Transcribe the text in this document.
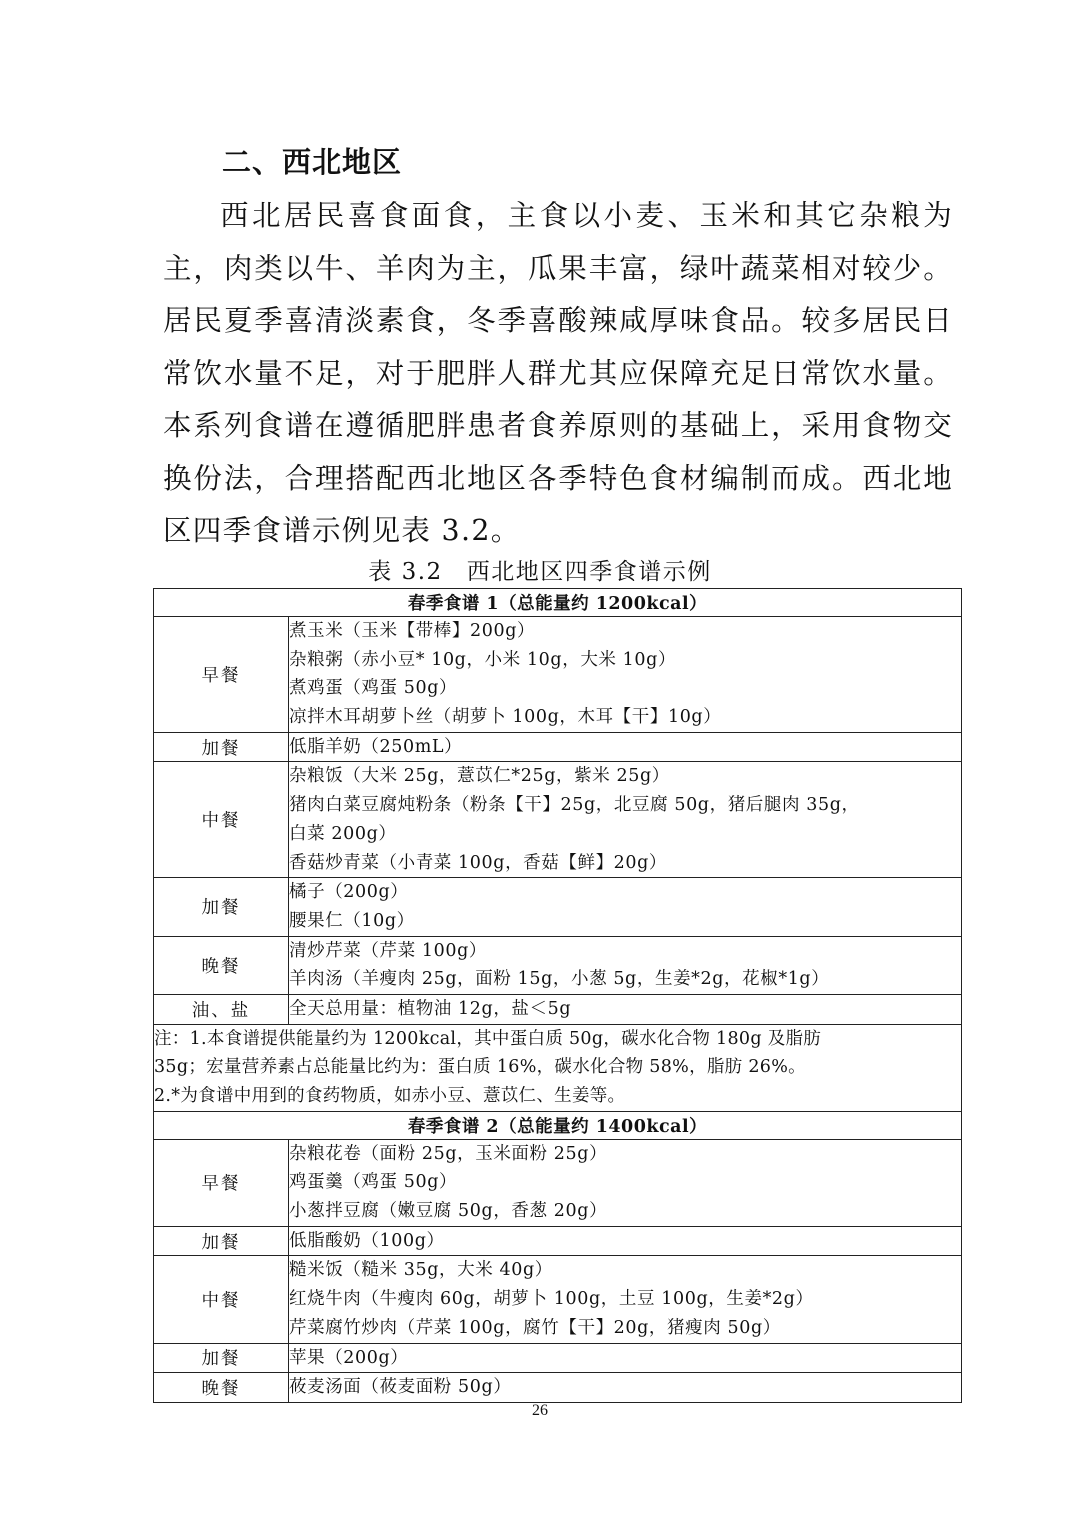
二、西北地区

西北居民喜食面食，主食以小麦、玉米和其它杂粮为主，肉类以牛、羊肉为主，瓜果丰富，绿叶蔬菜相对较少。居民夏季喜清淡素食，冬季喜酸辣咸厚味食品。较多居民日常饮水量不足，对于肥胖人群尤其应保障充足日常饮水量。本系列食谱在遵循肥胖患者食养原则的基础上，采用食物交换份法，合理搭配西北地区各季特色食材编制而成。西北地区四季食谱示例见表 3.2。

表 3.2 西北地区四季食谱示例

春季食谱 1（总能量约 1200kcal）	
早餐	煮玉米（玉米【带棒】200g）
杂粮粥（赤小豆* 10g，小米 10g，大米 10g）
煮鸡蛋（鸡蛋 50g）
凉拌木耳胡萝卜丝（胡萝卜 100g，木耳【干】10g）

加餐	低脂羊奶（250mL）

中餐	杂粮饭（大米 25g，薏苡仁*25g，紫米 25g）
猪肉白菜豆腐炖粉条（粉条【干】25g，北豆腐 50g，猪后腿肉 35g，
白菜 200g）
香菇炒青菜（小青菜 100g，香菇【鲜】20g）

加餐	橘子（200g）
腰果仁（10g）

晚餐	清炒芹菜（芹菜 100g）
羊肉汤（羊瘦肉 25g，面粉 15g，小葱 5g，生姜*2g，花椒*1g）

油、盐	全天总用量：植物油 12g，盐＜5g

注：1.本食谱提供能量约为 1200kcal，其中蛋白质 50g，碳水化合物 180g 及脂肪
35g；宏量营养素占总能量比约为：蛋白质 16%，碳水化合物 58%，脂肪 26%。
2.*为食谱中用到的食药物质，如赤小豆、薏苡仁、生姜等。	

春季食谱 2（总能量约 1400kcal）	
早餐	杂粮花卷（面粉 25g，玉米面粉 25g）
鸡蛋羹（鸡蛋 50g）
小葱拌豆腐（嫩豆腐 50g，香葱 20g）

加餐	低脂酸奶（100g）

中餐	糙米饭（糙米 35g，大米 40g）
红烧牛肉（牛瘦肉 60g，胡萝卜 100g，土豆 100g，生姜*2g）
芹菜腐竹炒肉（芹菜 100g，腐竹【干】20g，猪瘦肉 50g）

加餐	苹果（200g）

晚餐	莜麦汤面（莜麦面粉 50g）

26
